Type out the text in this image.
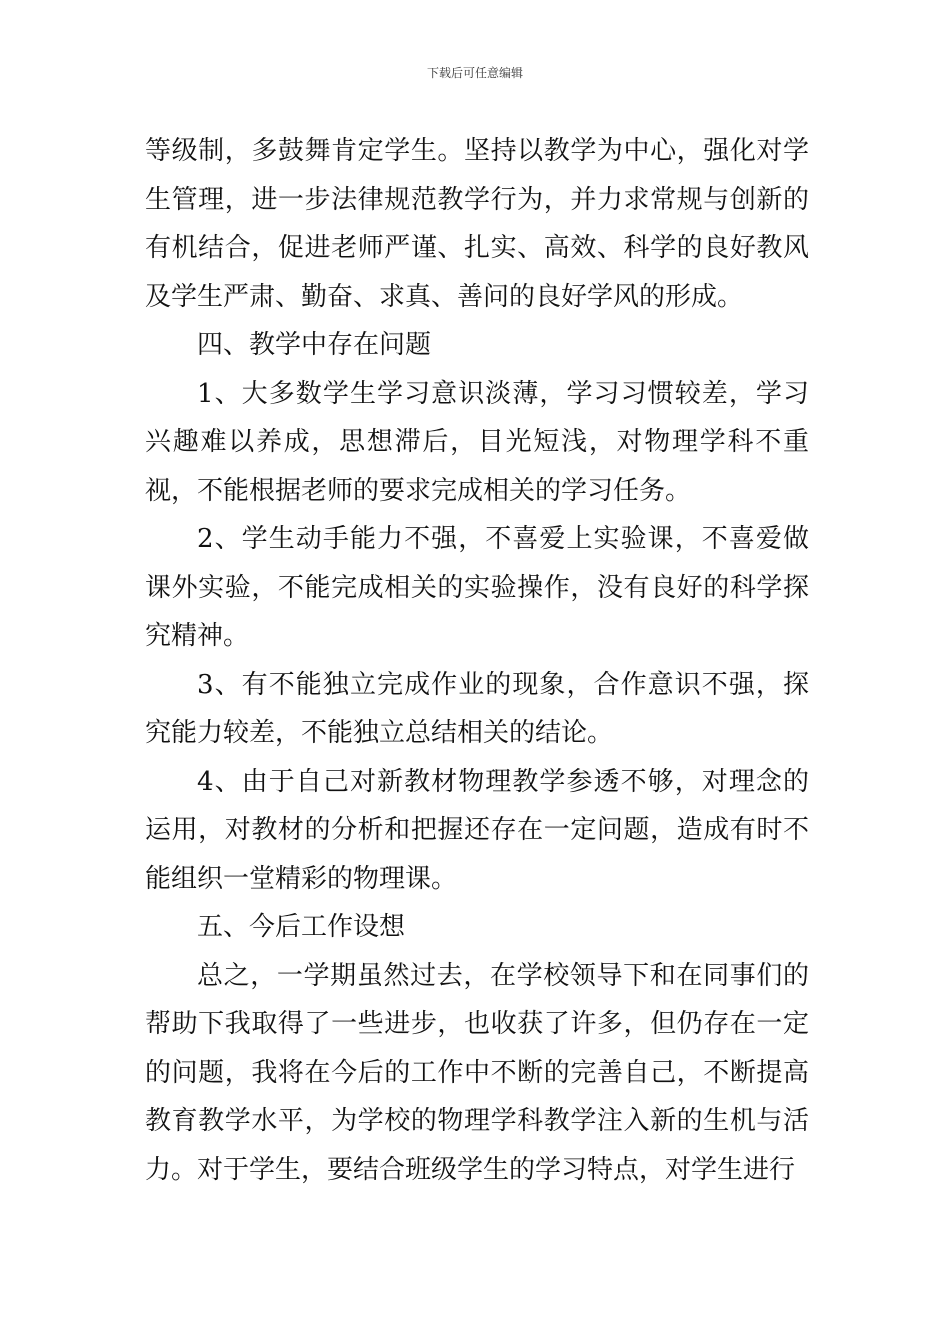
下载后可任意编辑

等级制，多鼓舞肯定学生。坚持以教学为中心，强化对学生管理，进一步法律规范教学行为，并力求常规与创新的有机结合，促进老师严谨、扎实、高效、科学的良好教风及学生严肃、勤奋、求真、善问的良好学风的形成。

四、教学中存在问题

1、大多数学生学习意识淡薄，学习习惯较差，学习兴趣难以养成，思想滞后，目光短浅，对物理学科不重视，不能根据老师的要求完成相关的学习任务。

2、学生动手能力不强，不喜爱上实验课，不喜爱做课外实验，不能完成相关的实验操作，没有良好的科学探究精神。

3、有不能独立完成作业的现象，合作意识不强，探究能力较差，不能独立总结相关的结论。

4、由于自己对新教材物理教学参透不够，对理念的运用，对教材的分析和把握还存在一定问题，造成有时不能组织一堂精彩的物理课。

五、今后工作设想

总之，一学期虽然过去，在学校领导下和在同事们的帮助下我取得了一些进步，也收获了许多，但仍存在一定的问题，我将在今后的工作中不断的完善自己，不断提高教育教学水平，为学校的物理学科教学注入新的生机与活力。对于学生，要结合班级学生的学习特点，对学生进行
